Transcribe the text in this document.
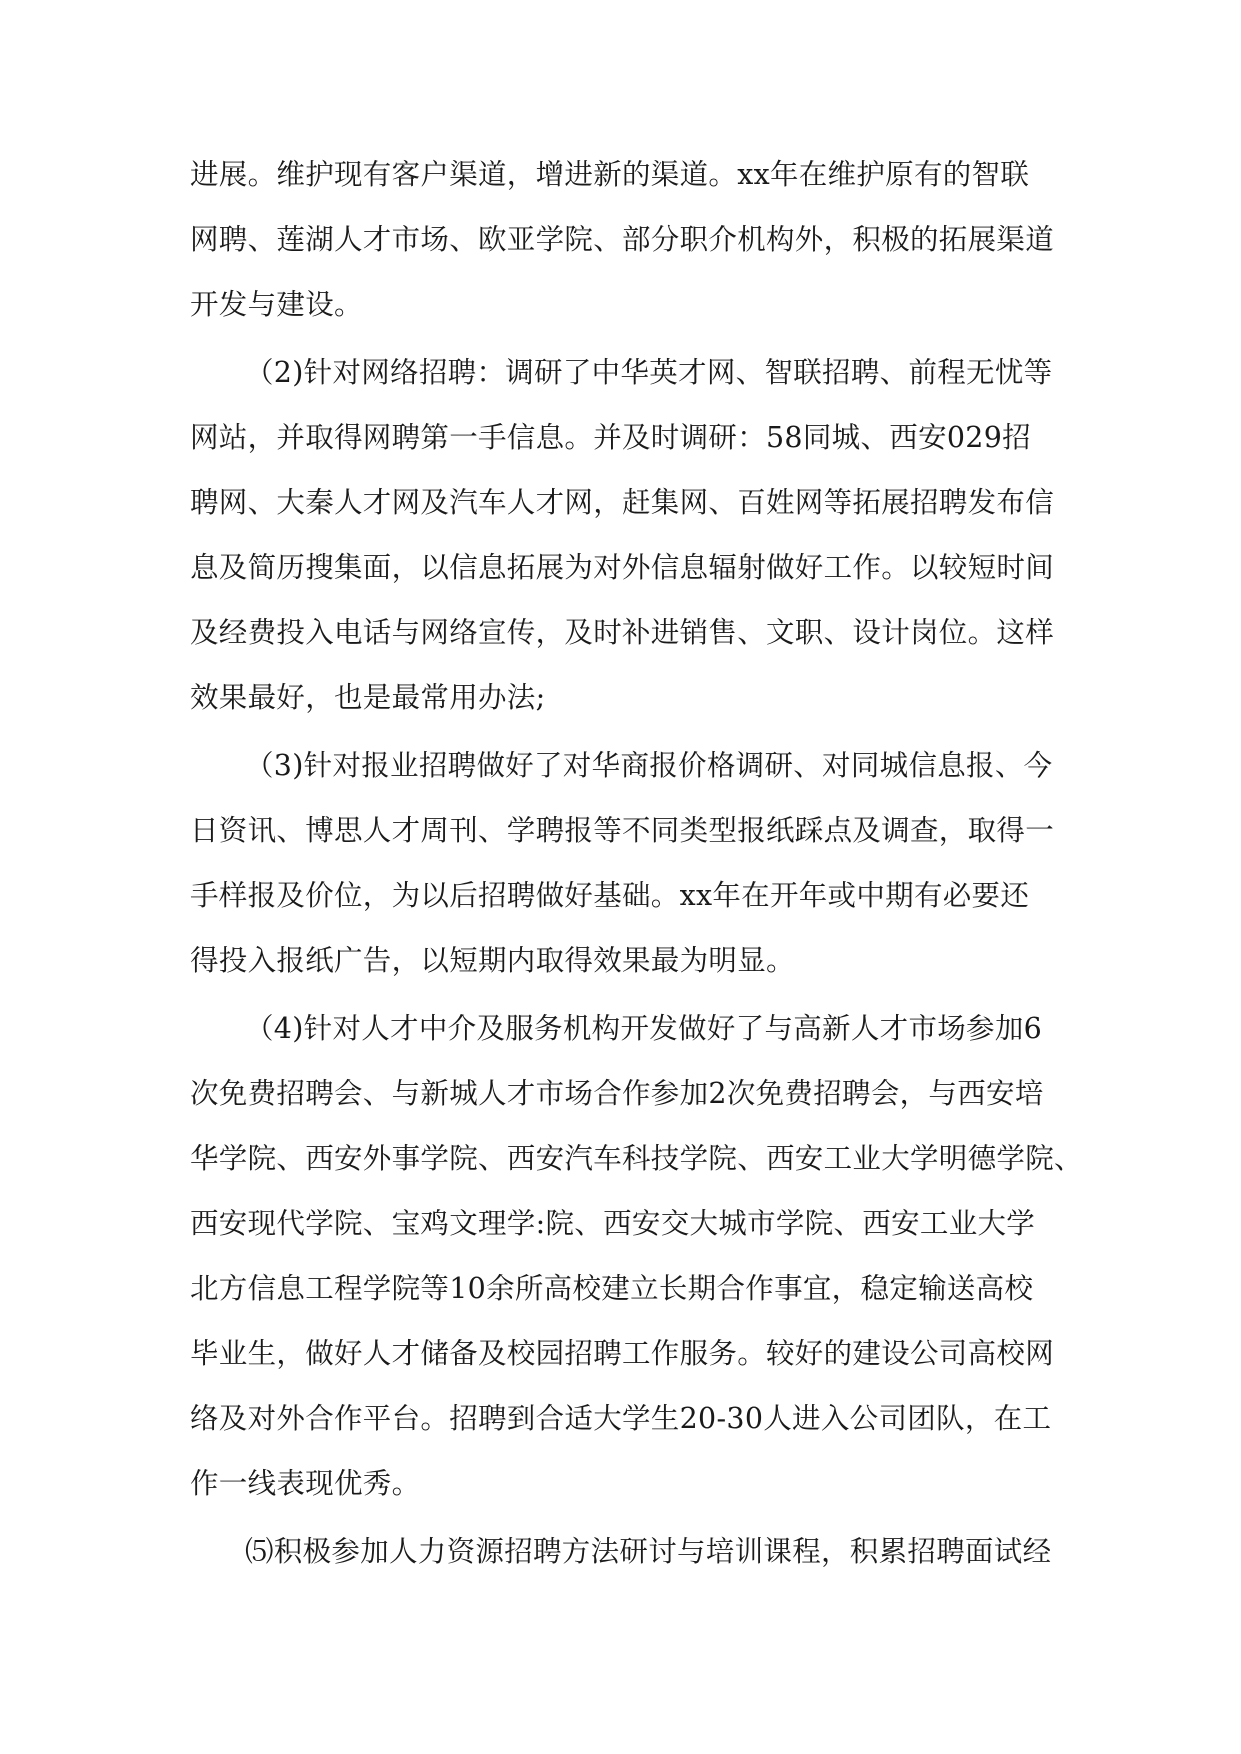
进展。维护现有客户渠道，增进新的渠道。xx年在维护原有的智联
网聘、莲湖人才市场、欧亚学院、部分职介机构外，积极的拓展渠道
开发与建设。
（2)针对网络招聘：调研了中华英才网、智联招聘、前程无忧等
网站，并取得网聘第一手信息。并及时调研：58同城、西安029招
聘网、大秦人才网及汽车人才网，赶集网、百姓网等拓展招聘发布信
息及简历搜集面，以信息拓展为对外信息辐射做好工作。以较短时间
及经费投入电话与网络宣传，及时补进销售、文职、设计岗位。这样
效果最好，也是最常用办法;
（3)针对报业招聘做好了对华商报价格调研、对同城信息报、今
日资讯、博思人才周刊、学聘报等不同类型报纸踩点及调查，取得一
手样报及价位，为以后招聘做好基础。xx年在开年或中期有必要还
得投入报纸广告，以短期内取得效果最为明显。
（4)针对人才中介及服务机构开发做好了与高新人才市场参加6
次免费招聘会、与新城人才市场合作参加2次免费招聘会，与西安培
华学院、西安外事学院、西安汽车科技学院、西安工业大学明德学院、
西安现代学院、宝鸡文理学:院、西安交大城市学院、西安工业大学
北方信息工程学院等10余所高校建立长期合作事宜，稳定输送高校
毕业生，做好人才储备及校园招聘工作服务。较好的建设公司高校网
络及对外合作平台。招聘到合适大学生20-30人进入公司团队，在工
作一线表现优秀。
⑸积极参加人力资源招聘方法研讨与培训课程，积累招聘面试经
